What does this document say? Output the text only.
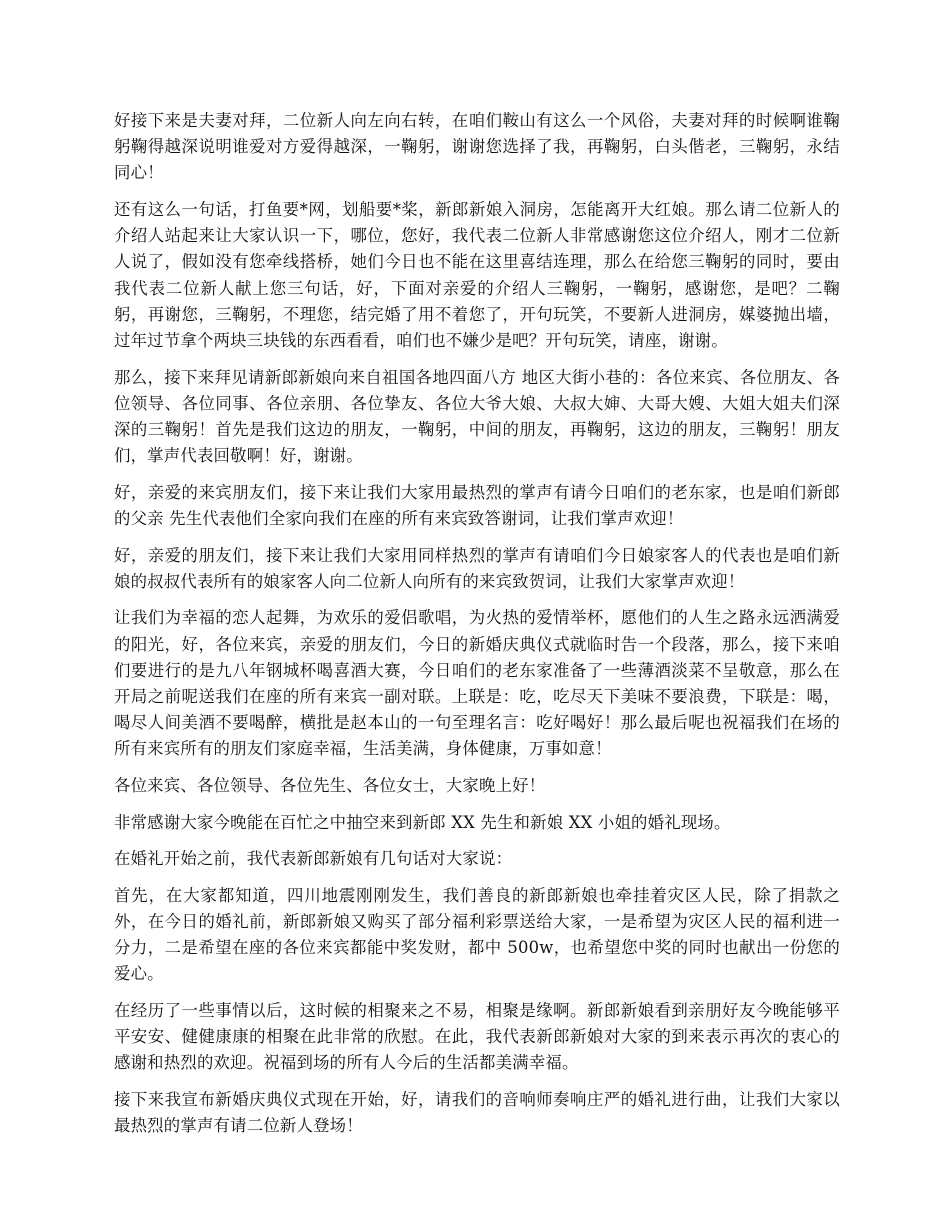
好接下来是夫妻对拜，二位新人向左向右转，在咱们鞍山有这么一个风俗，夫妻对拜的时候啊谁鞠躬鞠得越深说明谁爱对方爱得越深，一鞠躬，谢谢您选择了我，再鞠躬，白头偕老，三鞠躬，永结同心！

还有这么一句话，打鱼要*网，划船要*桨，新郎新娘入洞房，怎能离开大红娘。那么请二位新人的介绍人站起来让大家认识一下，哪位，您好，我代表二位新人非常感谢您这位介绍人，刚才二位新人说了，假如没有您牵线搭桥，她们今日也不能在这里喜结连理，那么在给您三鞠躬的同时，要由我代表二位新人献上您三句话，好，下面对亲爱的介绍人三鞠躬，一鞠躬，感谢您，是吧？二鞠躬，再谢您，三鞠躬，不理您，结完婚了用不着您了，开句玩笑，不要新人进洞房，媒婆抛出墙，过年过节拿个两块三块钱的东西看看，咱们也不嫌少是吧？开句玩笑，请座，谢谢。

那么，接下来拜见请新郎新娘向来自祖国各地四面八方 地区大街小巷的：各位来宾、各位朋友、各位领导、各位同事、各位亲朋、各位挚友、各位大爷大娘、大叔大婶、大哥大嫂、大姐大姐夫们深深的三鞠躬！首先是我们这边的朋友，一鞠躬，中间的朋友，再鞠躬，这边的朋友，三鞠躬！朋友们，掌声代表回敬啊！好，谢谢。

好，亲爱的来宾朋友们，接下来让我们大家用最热烈的掌声有请今日咱们的老东家，也是咱们新郎的父亲 先生代表他们全家向我们在座的所有来宾致答谢词，让我们掌声欢迎！

好，亲爱的朋友们，接下来让我们大家用同样热烈的掌声有请咱们今日娘家客人的代表也是咱们新娘的叔叔代表所有的娘家客人向二位新人向所有的来宾致贺词，让我们大家掌声欢迎！

让我们为幸福的恋人起舞，为欢乐的爱侣歌唱，为火热的爱情举杯，愿他们的人生之路永远洒满爱的阳光，好，各位来宾，亲爱的朋友们，今日的新婚庆典仪式就临时告一个段落，那么，接下来咱们要进行的是九八年钢城杯喝喜酒大赛，今日咱们的老东家准备了一些薄酒淡菜不呈敬意，那么在开局之前呢送我们在座的所有来宾一副对联。上联是：吃，吃尽天下美味不要浪费，下联是：喝，喝尽人间美酒不要喝醉，横批是赵本山的一句至理名言：吃好喝好！那么最后呢也祝福我们在场的所有来宾所有的朋友们家庭幸福，生活美满，身体健康，万事如意！

各位来宾、各位领导、各位先生、各位女士，大家晚上好！

非常感谢大家今晚能在百忙之中抽空来到新郎 XX 先生和新娘 XX 小姐的婚礼现场。

在婚礼开始之前，我代表新郎新娘有几句话对大家说：

首先，在大家都知道，四川地震刚刚发生，我们善良的新郎新娘也牵挂着灾区人民，除了捐款之外，在今日的婚礼前，新郎新娘又购买了部分福利彩票送给大家，一是希望为灾区人民的福利进一分力，二是希望在座的各位来宾都能中奖发财，都中 500w，也希望您中奖的同时也献出一份您的爱心。

在经历了一些事情以后，这时候的相聚来之不易，相聚是缘啊。新郎新娘看到亲朋好友今晚能够平平安安、健健康康的相聚在此非常的欣慰。在此，我代表新郎新娘对大家的到来表示再次的衷心的感谢和热烈的欢迎。祝福到场的所有人今后的生活都美满幸福。

接下来我宣布新婚庆典仪式现在开始，好，请我们的音响师奏响庄严的婚礼进行曲，让我们大家以最热烈的掌声有请二位新人登场！
